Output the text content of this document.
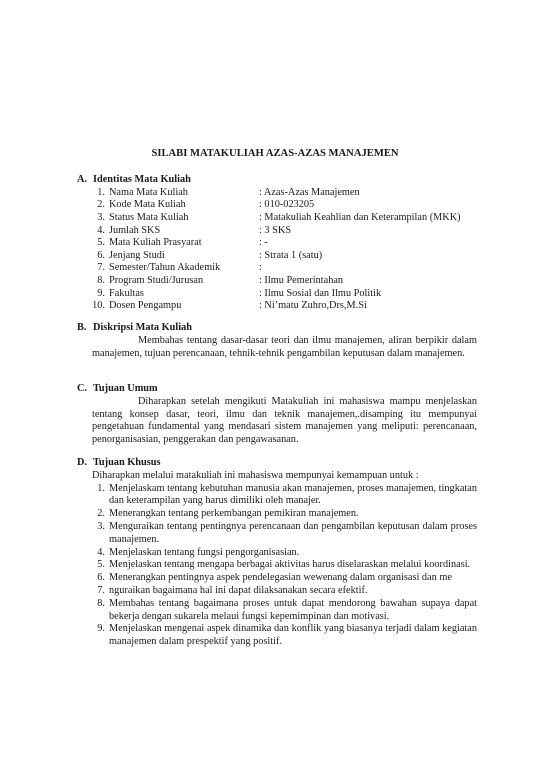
SILABI MATAKULIAH AZAS-AZAS MANAJEMEN
A. Identitas Mata Kuliah
1. Nama Mata Kuliah	: Azas-Azas Manajemen
2. Kode Mata Kuliah	: 010-023205
3. Status Mata Kuliah	: Matakuliah Keahlian dan Keterampilan (MKK)
4. Jumlah SKS	: 3 SKS
5. Mata Kuliah Prasyarat	: -
6. Jenjang Studi	: Strata 1 (satu)
7. Semester/Tahun Akademik	:
8. Program Studi/Jurusan	: Ilmu Pemerintahan
9. Fakultas	: Ilmu Sosial dan Ilmu Politik
10. Dosen Pengampu	: Ni’matu Zuhro,Drs,M.Si
B. Diskripsi Mata Kuliah
Membahas tentang dasar-dasar teori dan ilmu manajemen, aliran berpikir dalam manajemen, tujuan perencanaan, tehnik-tehnik pengambilan keputusan dalam manajemen.
C. Tujuan Umum
Diharapkan setelah mengikuti Matakuliah ini mahasiswa mampu menjelaskan tentang konsep dasar, teori, ilmu dan teknik manajemen,.disamping itu mempunyai pengetahuan fundamental yang mendasari sistem manajemen yang meliputi: perencanaan, penorganisasian, penggerakan dan pengawasanan.
D. Tujuan Khusus
Diharapkan melalui matakuliah ini mahasiswa mempunyai kemampuan untuk :
1. Menjelaskam tentang kebutuhan manusia akan manajemen, proses manajemen, tingkatan dan keterampilan yang harus dimiliki oleh manajer.
2. Menerangkan tentang perkembangan pemikiran manajemen.
3. Menguraikan tentang pentingnya perencanaan dan pengambilan keputusan dalam proses manajemen.
4. Menjelaskan tentang fungsi pengorganisasian.
5. Menjelaskan tentang mengapa berbagai aktivitas harus diselaraskan melalui koordinasi.
6. Menerangkan pentingnya aspek pendelegasian wewenang dalam organisasi dan me
7. nguraikan bagaimana hal ini dapat dilaksanakan secara efektif.
8. Membahas tentang bagaimana proses untuk dapat mendorong bawahan supaya dapat bekerja dengan sukarela melaui fungsi kepemimpinan dan motivasi.
9. Menjelaskan mengenai aspek dinamika dan konflik yang biasanya terjadi dalam kegiatan manajemen dalam prespektif yang positif.
